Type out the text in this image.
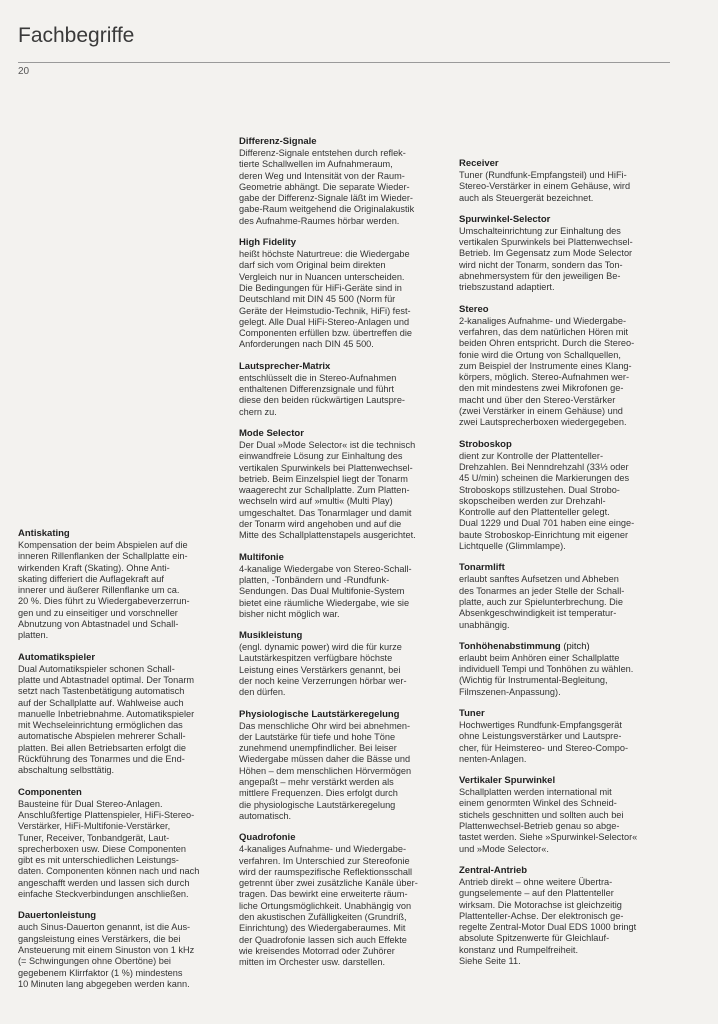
Fachbegriffe
20

Antiskating

Kompensation der beim Abspielen auf die
inneren Rillenflanken der Schallplatte ein-
wirkenden Kraft (Skating). Ohne Anti-
skating differiert die Auflagekraft auf
innerer und äußerer Rillenflanke um ca.
20 %. Dies führt zu Wiedergabeverzerrun-
gen und zu einseitiger und vorschneller
Abnutzung von Abtastnadel und Schall-
platten.

Automatikspieler

Dual Automatikspieler schonen Schall-
platte und Abtastnadel optimal. Der Tonarm
setzt nach Tastenbetätigung automatisch
auf der Schallplatte auf. Wahlweise auch
manuelle Inbetriebnahme. Automatikspieler
mit Wechseleinrichtung ermöglichen das
automatische Abspielen mehrerer Schall-
platten. Bei allen Betriebsarten erfolgt die
Rückführung des Tonarmes und die End-
abschaltung selbsttätig.

Componenten

Bausteine für Dual Stereo-Anlagen.
Anschlußfertige Plattenspieler, HiFi-Stereo-
Verstärker, HiFi-Multifonie-Verstärker,
Tuner, Receiver, Tonbandgerät, Laut-
sprecherboxen usw. Diese Componenten
gibt es mit unterschiedlichen Leistungs-
daten. Componenten können nach und nach
angeschafft werden und lassen sich durch
einfache Steckverbindungen anschließen.

Dauertonleistung

auch Sinus-Dauerton genannt, ist die Aus-
gangsleistung eines Verstärkers, die bei
Ansteuerung mit einem Sinuston von 1 kHz
(= Schwingungen ohne Obertöne) bei
gegebenem Klirrfaktor (1 %) mindestens
10 Minuten lang abgegeben werden kann.

Differenz-Signale

Differenz-Signale entstehen durch reflek-
tierte Schallwellen im Aufnahmeraum,
deren Weg und Intensität von der Raum-
Geometrie abhängt. Die separate Wieder-
gabe der Differenz-Signale läßt im Wieder-
gabe-Raum weitgehend die Originalakustik
des Aufnahme-Raumes hörbar werden.

High Fidelity

heißt höchste Naturtreue: die Wiedergabe
darf sich vom Original beim direkten
Vergleich nur in Nuancen unterscheiden.
Die Bedingungen für HiFi-Geräte sind in
Deutschland mit DIN 45 500 (Norm für
Geräte der Heimstudio-Technik, HiFi) fest-
gelegt. Alle Dual HiFi-Stereo-Anlagen und
Componenten erfüllen bzw. übertreffen die
Anforderungen nach DIN 45 500.

Lautsprecher-Matrix

entschlüsselt die in Stereo-Aufnahmen
enthaltenen Differenzsignale und führt
diese den beiden rückwärtigen Lautspre-
chern zu.

Mode Selector

Der Dual »Mode Selector« ist die technisch
einwandfreie Lösung zur Einhaltung des
vertikalen Spurwinkels bei Plattenwechsel-
betrieb. Beim Einzelspiel liegt der Tonarm
waagerecht zur Schallplatte. Zum Platten-
wechseln wird auf »multi« (Multi Play)
umgeschaltet. Das Tonarmlager und damit
der Tonarm wird angehoben und auf die
Mitte des Schallplattenstapels ausgerichtet.

Multifonie

4-kanalige Wiedergabe von Stereo-Schall-
platten, -Tonbändern und -Rundfunk-
Sendungen. Das Dual Multifonie-System
bietet eine räumliche Wiedergabe, wie sie
bisher nicht möglich war.

Musikleistung

(engl. dynamic power) wird die für kurze
Lautstärkespitzen verfügbare höchste
Leistung eines Verstärkers genannt, bei
der noch keine Verzerrungen hörbar wer-
den dürfen.

Physiologische Lautstärkeregelung

Das menschliche Ohr wird bei abnehmen-
der Lautstärke für tiefe und hohe Töne
zunehmend unempfindlicher. Bei leiser
Wiedergabe müssen daher die Bässe und
Höhen – dem menschlichen Hörvermögen
angepaßt – mehr verstärkt werden als
mittlere Frequenzen. Dies erfolgt durch
die physiologische Lautstärkeregelung
automatisch.

Quadrofonie

4-kanaliges Aufnahme- und Wiedergabe-
verfahren. Im Unterschied zur Stereofonie
wird der raumspezifische Reflektionsschall
getrennt über zwei zusätzliche Kanäle über-
tragen. Das bewirkt eine erweiterte räum-
liche Ortungsmöglichkeit. Unabhängig von
den akustischen Zufälligkeiten (Grundriß,
Einrichtung) des Wiedergaberaumes. Mit
der Quadrofonie lassen sich auch Effekte
wie kreisendes Motorrad oder Zuhörer
mitten im Orchester usw. darstellen.

Receiver

Tuner (Rundfunk-Empfangsteil) und HiFi-
Stereo-Verstärker in einem Gehäuse, wird
auch als Steuergerät bezeichnet.

Spurwinkel-Selector

Umschalteinrichtung zur Einhaltung des
vertikalen Spurwinkels bei Plattenwechsel-
Betrieb. Im Gegensatz zum Mode Selector
wird nicht der Tonarm, sondern das Ton-
abnehmersystem für den jeweiligen Be-
triebszustand adaptiert.

Stereo

2-kanaliges Aufnahme- und Wiedergabe-
verfahren, das dem natürlichen Hören mit
beiden Ohren entspricht. Durch die Stereo-
fonie wird die Ortung von Schallquellen,
zum Beispiel der Instrumente eines Klang-
körpers, möglich. Stereo-Aufnahmen wer-
den mit mindestens zwei Mikrofonen ge-
macht und über den Stereo-Verstärker
(zwei Verstärker in einem Gehäuse) und
zwei Lautsprecherboxen wiedergegeben.

Stroboskop

dient zur Kontrolle der Plattenteller-
Drehzahlen. Bei Nenndrehzahl (33⅓ oder
45 U/min) scheinen die Markierungen des
Stroboskops stillzustehen. Dual Strobo-
skopscheiben werden zur Drehzahl-
Kontrolle auf den Plattenteller gelegt.
Dual 1229 und Dual 701 haben eine einge-
baute Stroboskop-Einrichtung mit eigener
Lichtquelle (Glimmlampe).

Tonarmlift

erlaubt sanftes Aufsetzen und Abheben
des Tonarmes an jeder Stelle der Schall-
platte, auch zur Spielunterbrechung. Die
Absenkgeschwindigkeit ist temperatur-
unabhängig.

Tonhöhenabstimmung (pitch)

erlaubt beim Anhören einer Schallplatte
individuell Tempi und Tonhöhen zu wählen.
(Wichtig für Instrumental-Begleitung,
Filmszenen-Anpassung).

Tuner

Hochwertiges Rundfunk-Empfangsgerät
ohne Leistungsverstärker und Lautspre-
cher, für Heimstereo- und Stereo-Compo-
nenten-Anlagen.

Vertikaler Spurwinkel

Schallplatten werden international mit
einem genormten Winkel des Schneid-
stichels geschnitten und sollten auch bei
Plattenwechsel-Betrieb genau so abge-
tastet werden. Siehe »Spurwinkel-Selector«
und »Mode Selector«.

Zentral-Antrieb

Antrieb direkt – ohne weitere Übertra-
gungselemente – auf den Plattenteller
wirksam. Die Motorachse ist gleichzeitig
Plattenteller-Achse. Der elektronisch ge-
regelte Zentral-Motor Dual EDS 1000 bringt
absolute Spitzenwerte für Gleichlauf-
konstanz und Rumpelfreiheit.
Siehe Seite 11.
